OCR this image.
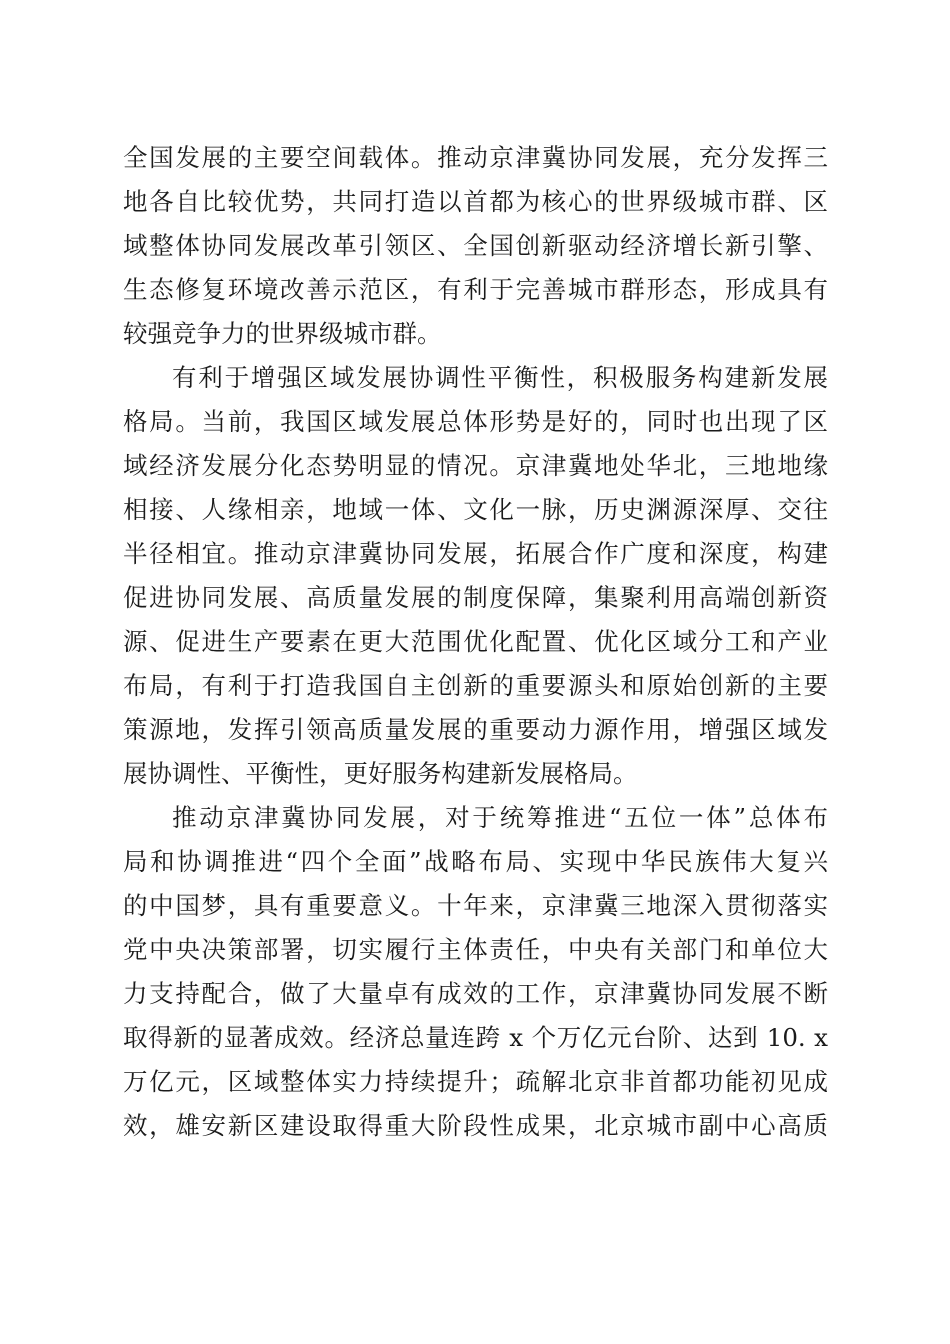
全国发展的主要空间载体。推动京津冀协同发展，充分发挥三
地各自比较优势，共同打造以首都为核心的世界级城市群、区
域整体协同发展改革引领区、全国创新驱动经济增长新引擎、
生态修复环境改善示范区，有利于完善城市群形态，形成具有
较强竞争力的世界级城市群。
有利于增强区域发展协调性平衡性，积极服务构建新发展
格局。当前，我国区域发展总体形势是好的，同时也出现了区
域经济发展分化态势明显的情况。京津冀地处华北，三地地缘
相接、人缘相亲，地域一体、文化一脉，历史渊源深厚、交往
半径相宜。推动京津冀协同发展，拓展合作广度和深度，构建
促进协同发展、高质量发展的制度保障，集聚利用高端创新资
源、促进生产要素在更大范围优化配置、优化区域分工和产业
布局，有利于打造我国自主创新的重要源头和原始创新的主要
策源地，发挥引领高质量发展的重要动力源作用，增强区域发
展协调性、平衡性，更好服务构建新发展格局。
推动京津冀协同发展，对于统筹推进“五位一体”总体布
局和协调推进“四个全面”战略布局、实现中华民族伟大复兴
的中国梦，具有重要意义。十年来，京津冀三地深入贯彻落实
党中央决策部署，切实履行主体责任，中央有关部门和单位大
力支持配合，做了大量卓有成效的工作，京津冀协同发展不断
取得新的显著成效。经济总量连跨 x 个万亿元台阶、达到 10. x
万亿元，区域整体实力持续提升；疏解北京非首都功能初见成
效，雄安新区建设取得重大阶段性成果，北京城市副中心高质
